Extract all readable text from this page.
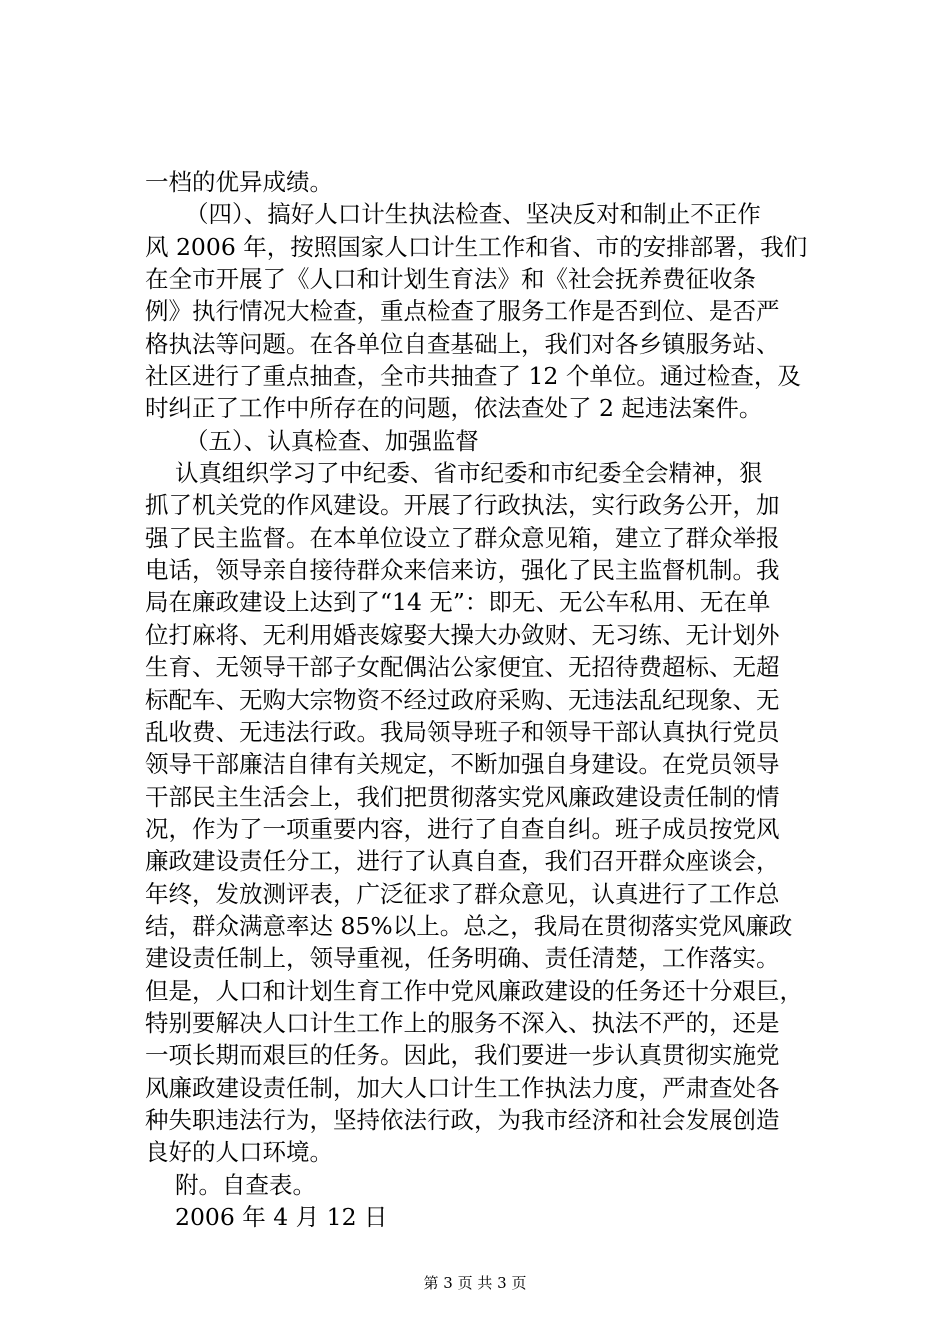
一档的优异成绩。
（四）、搞好人口计生执法检查、坚决反对和制止不正作
风 2006 年，按照国家人口计生工作和省、市的安排部署，我们
在全市开展了《人口和计划生育法》和《社会抚养费征收条
例》执行情况大检查，重点检查了服务工作是否到位、是否严
格执法等问题。在各单位自查基础上，我们对各乡镇服务站、
社区进行了重点抽查，全市共抽查了 12 个单位。通过检查，及
时纠正了工作中所存在的问题，依法查处了 2 起违法案件。
（五）、认真检查、加强监督
认真组织学习了中纪委、省市纪委和市纪委全会精神，狠
抓了机关党的作风建设。开展了行政执法，实行政务公开，加
强了民主监督。在本单位设立了群众意见箱，建立了群众举报
电话，领导亲自接待群众来信来访，强化了民主监督机制。我
局在廉政建设上达到了“14 无”：即无、无公车私用、无在单
位打麻将、无利用婚丧嫁娶大操大办敛财、无习练、无计划外
生育、无领导干部子女配偶沾公家便宜、无招待费超标、无超
标配车、无购大宗物资不经过政府采购、无违法乱纪现象、无
乱收费、无违法行政。我局领导班子和领导干部认真执行党员
领导干部廉洁自律有关规定，不断加强自身建设。在党员领导
干部民主生活会上，我们把贯彻落实党风廉政建设责任制的情
况，作为了一项重要内容，进行了自查自纠。班子成员按党风
廉政建设责任分工，进行了认真自查，我们召开群众座谈会，
年终，发放测评表，广泛征求了群众意见，认真进行了工作总
结，群众满意率达 85%以上。总之，我局在贯彻落实党风廉政
建设责任制上，领导重视，任务明确、责任清楚，工作落实。
但是，人口和计划生育工作中党风廉政建设的任务还十分艰巨，
特别要解决人口计生工作上的服务不深入、执法不严的，还是
一项长期而艰巨的任务。因此，我们要进一步认真贯彻实施党
风廉政建设责任制，加大人口计生工作执法力度，严肃查处各
种失职违法行为，坚持依法行政，为我市经济和社会发展创造
良好的人口环境。
附。自查表。
2006 年 4 月 12 日
第 3 页 共 3 页
